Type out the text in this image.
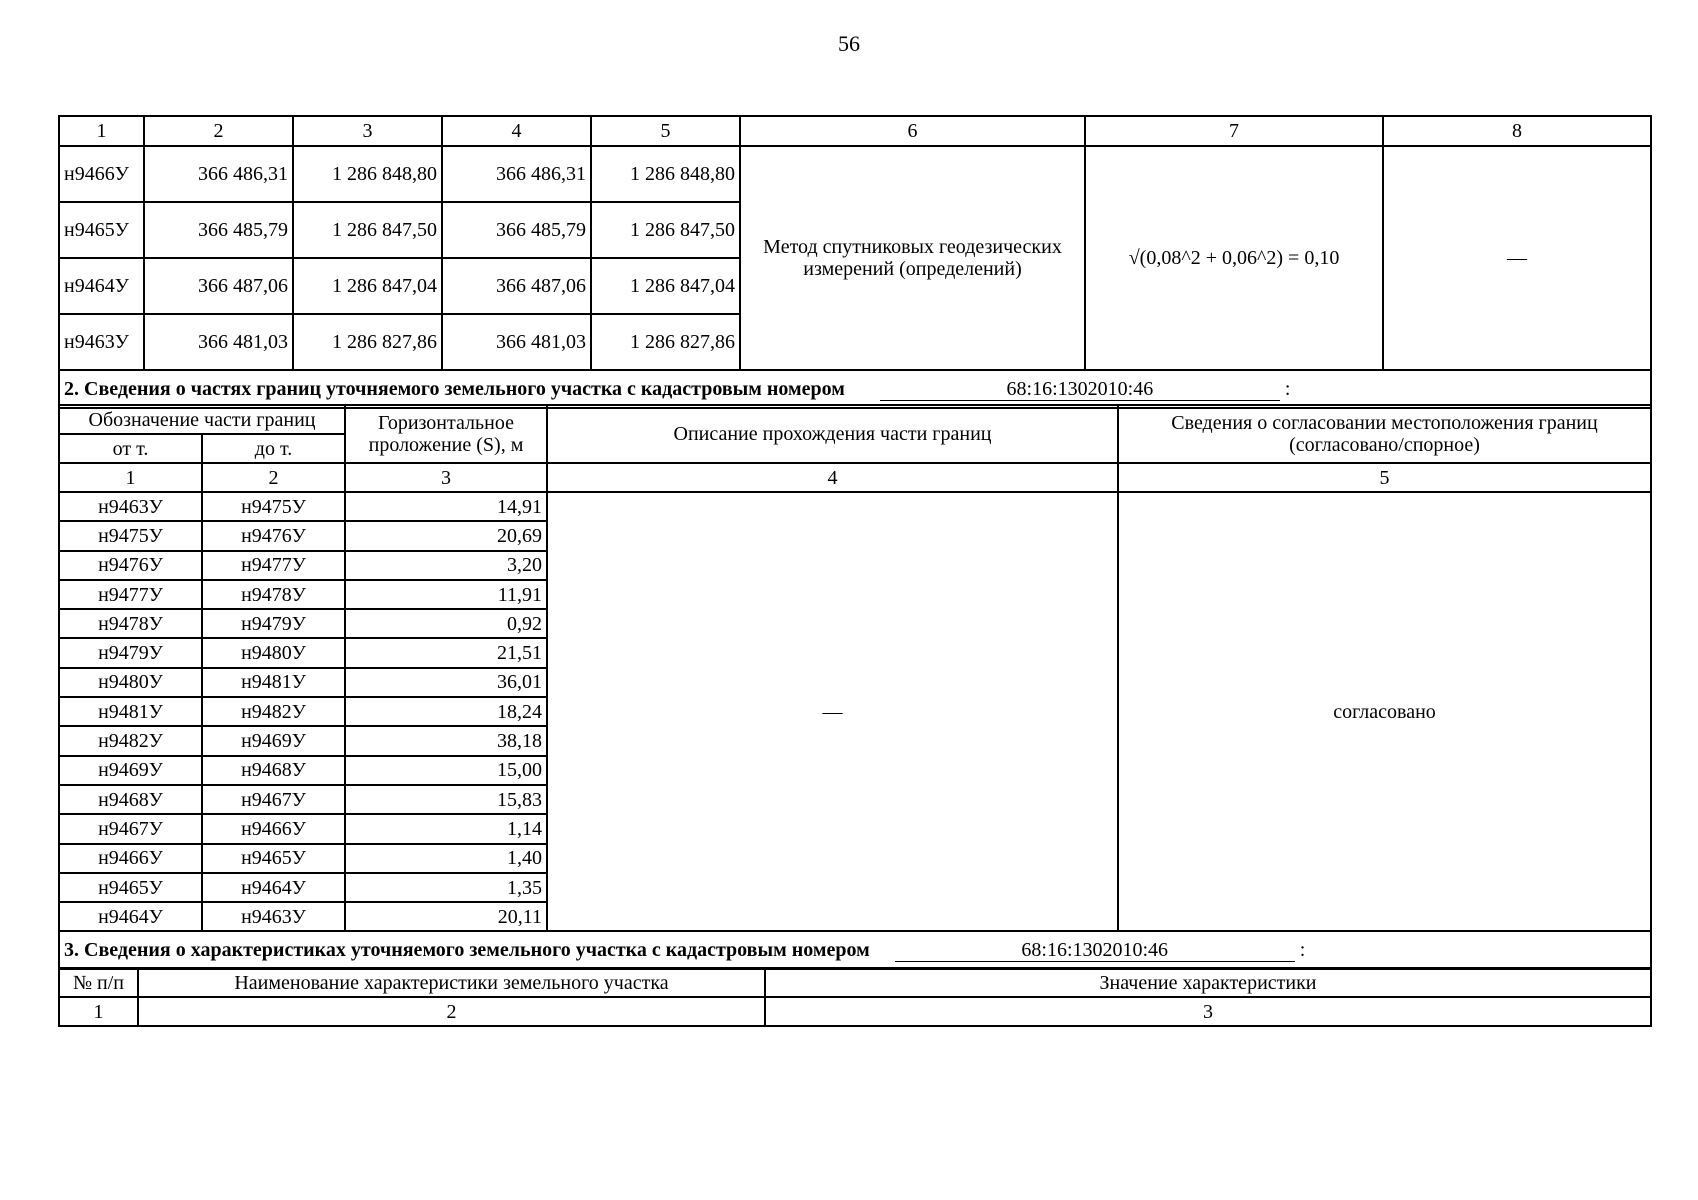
56
1	2	3	4	5	6	7	8
н9466У	366 486,31	1 286 848,80	366 486,31	1 286 848,80	Метод спутниковых геодезических измерений (определений)	√(0,08^2 + 0,06^2) = 0,10	—
н9465У	366 485,79	1 286 847,50	366 485,79	1 286 847,50			
н9464У	366 487,06	1 286 847,04	366 487,06	1 286 847,04			
н9463У	366 481,03	1 286 827,86	366 481,03	1 286 827,86			
2. Сведения о частях границ уточняемого земельного участка с кадастровым номером 68:16:1302010:46 :							
Обозначение части границ		Горизонтальное проложение (S), м	Описание прохождения части границ	Сведения о согласовании местоположения границ (согласовано/спорное)
от т.	до т.			
1	2	3	4	5
н9463У	н9475У	14,91	—	согласовано
н9475У	н9476У	20,69		
н9476У	н9477У	3,20		
н9477У	н9478У	11,91		
н9478У	н9479У	0,92		
н9479У	н9480У	21,51		
н9480У	н9481У	36,01		
н9481У	н9482У	18,24		
н9482У	н9469У	38,18		
н9469У	н9468У	15,00		
н9468У	н9467У	15,83		
н9467У	н9466У	1,14		
н9466У	н9465У	1,40		
н9465У	н9464У	1,35		
н9464У	н9463У	20,11		
3. Сведения о характеристиках уточняемого земельного участка с кадастровым номером 68:16:1302010:46 :				
№ п/п	Наименование характеристики земельного участка	Значение характеристики
1	2	3
